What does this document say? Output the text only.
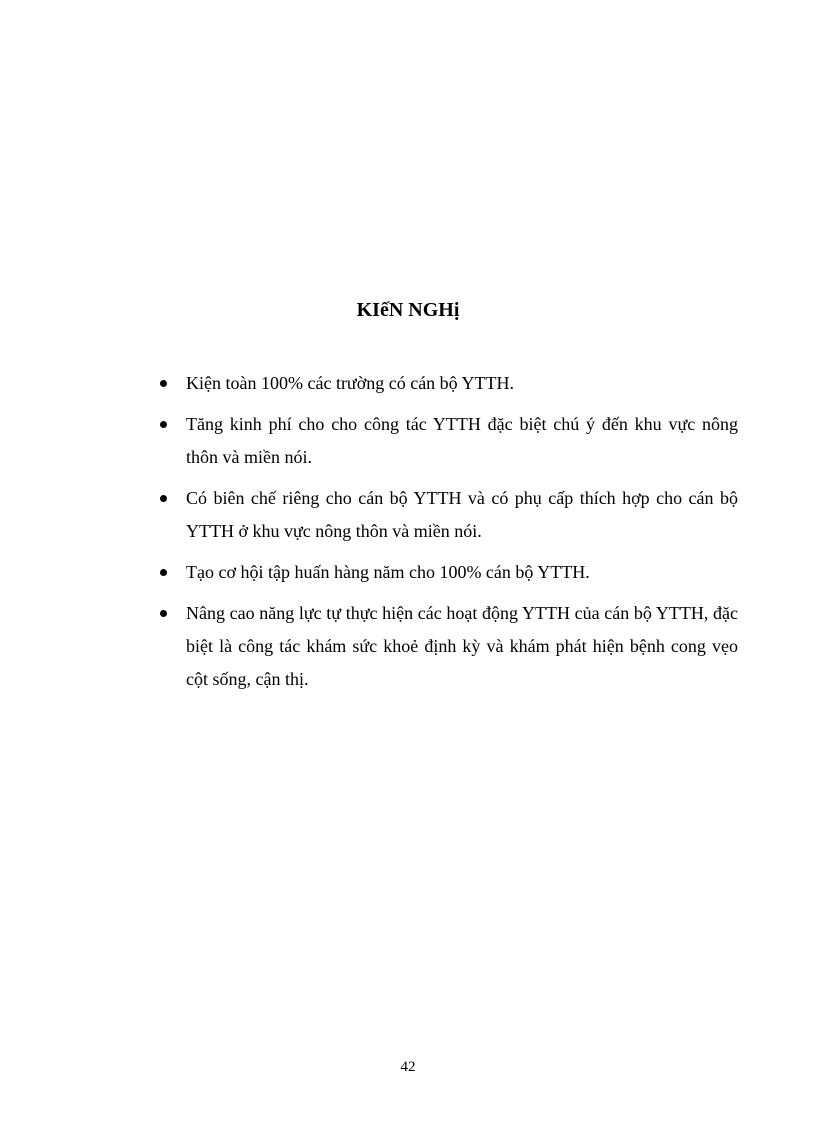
KIếN NGHị
Kiện toàn 100% các trường có cán bộ YTTH.
Tăng kinh phí cho cho công tác YTTH đặc biệt chú ý đến khu vực nông thôn và miền nói.
Có biên chế riêng cho cán bộ YTTH và có phụ cấp thích hợp cho cán bộ YTTH ở khu vực nông thôn và miền nói.
Tạo cơ hội tập huấn hàng năm cho 100% cán bộ YTTH.
Nâng cao năng lực tự thực hiện các hoạt động YTTH của cán bộ YTTH, đặc biệt là công tác khám sức khoẻ định kỳ và khám phát hiện bệnh cong vẹo cột sống, cận thị.
42
